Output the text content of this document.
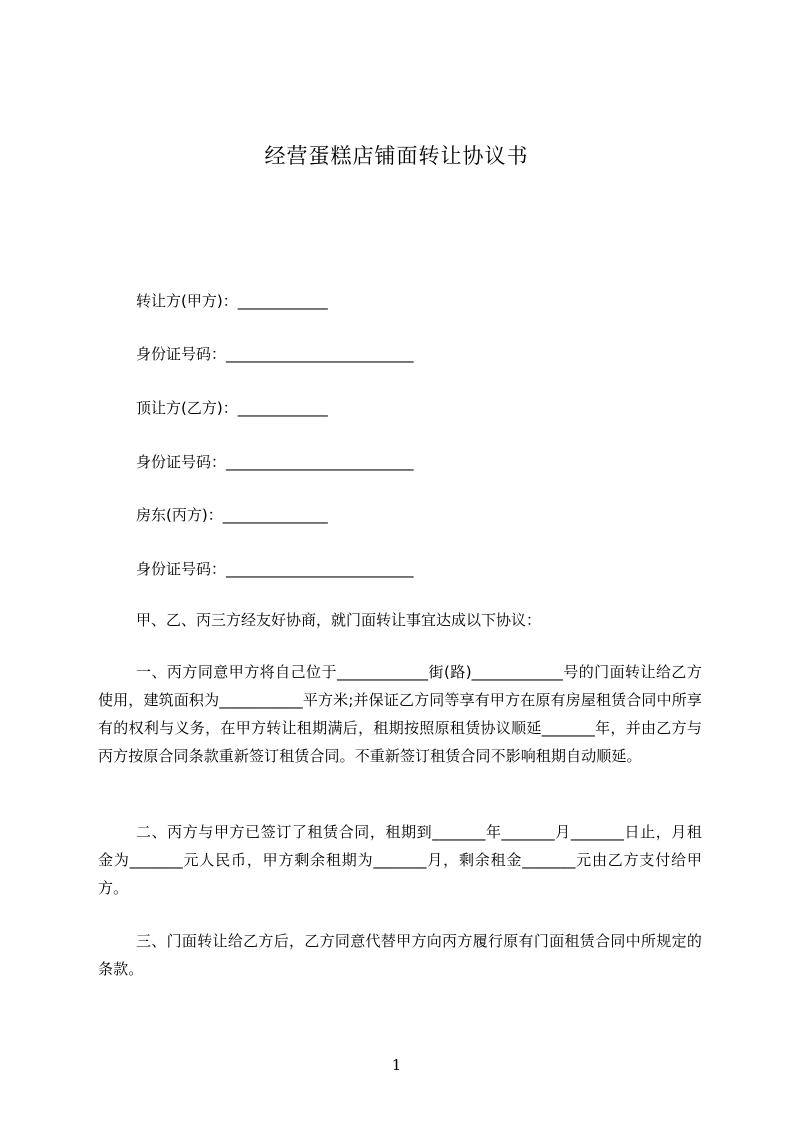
经营蛋糕店铺面转让协议书
转让方(甲方)：____________
身份证号码：_________________________
顶让方(乙方)：____________
身份证号码：_________________________
房东(丙方)：______________
身份证号码：_________________________
甲、乙、丙三方经友好协商，就门面转让事宜达成以下协议：
一、丙方同意甲方将自己位于____________街(路)____________号的门面转让给乙方使用，建筑面积为___________平方米;并保证乙方同等享有甲方在原有房屋租赁合同中所享有的权利与义务，在甲方转让租期满后，租期按照原租赁协议顺延_______年，并由乙方与丙方按原合同条款重新签订租赁合同。不重新签订租赁合同不影响租期自动顺延。
二、丙方与甲方已签订了租赁合同，租期到_______年_______月_______日止，月租金为_______元人民币，甲方剩余租期为_______月，剩余租金_______元由乙方支付给甲方。
三、门面转让给乙方后，乙方同意代替甲方向丙方履行原有门面租赁合同中所规定的条款。
1
